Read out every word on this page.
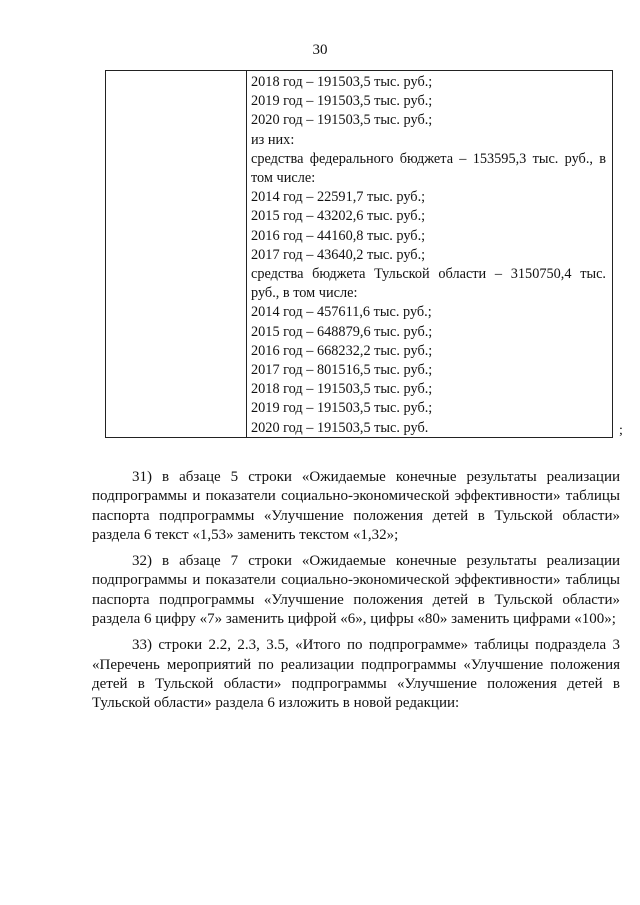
30
2018 год – 191503,5 тыс. руб.;
2019 год – 191503,5 тыс. руб.;
2020 год – 191503,5 тыс. руб.;
из них:
средства федерального бюджета – 153595,3 тыс. руб., в том числе:
2014 год – 22591,7 тыс. руб.;
2015 год – 43202,6 тыс. руб.;
2016 год – 44160,8 тыс. руб.;
2017 год – 43640,2 тыс. руб.;
средства бюджета Тульской области – 3150750,4 тыс. руб., в том числе:
2014 год – 457611,6 тыс. руб.;
2015 год – 648879,6 тыс. руб.;
2016 год – 668232,2 тыс. руб.;
2017 год – 801516,5 тыс. руб.;
2018 год – 191503,5 тыс. руб.;
2019 год – 191503,5 тыс. руб.;
2020 год – 191503,5 тыс. руб.	;

31) в абзаце 5 строки «Ожидаемые конечные результаты реализации подпрограммы и показатели социально-экономической эффективности» таблицы паспорта подпрограммы «Улучшение положения детей в Тульской области» раздела 6 текст «1,53» заменить текстом «1,32»;

32) в абзаце 7 строки «Ожидаемые конечные результаты реализации подпрограммы и показатели социально-экономической эффективности» таблицы паспорта подпрограммы «Улучшение положения детей в Тульской области» раздела 6 цифру «7» заменить цифрой «6», цифры «80» заменить цифрами «100»;

33) строки 2.2, 2.3, 3.5, «Итого по подпрограмме» таблицы подраздела 3 «Перечень мероприятий по реализации подпрограммы «Улучшение положения детей в Тульской области» подпрограммы «Улучшение положения детей в Тульской области» раздела 6 изложить в новой редакции:
